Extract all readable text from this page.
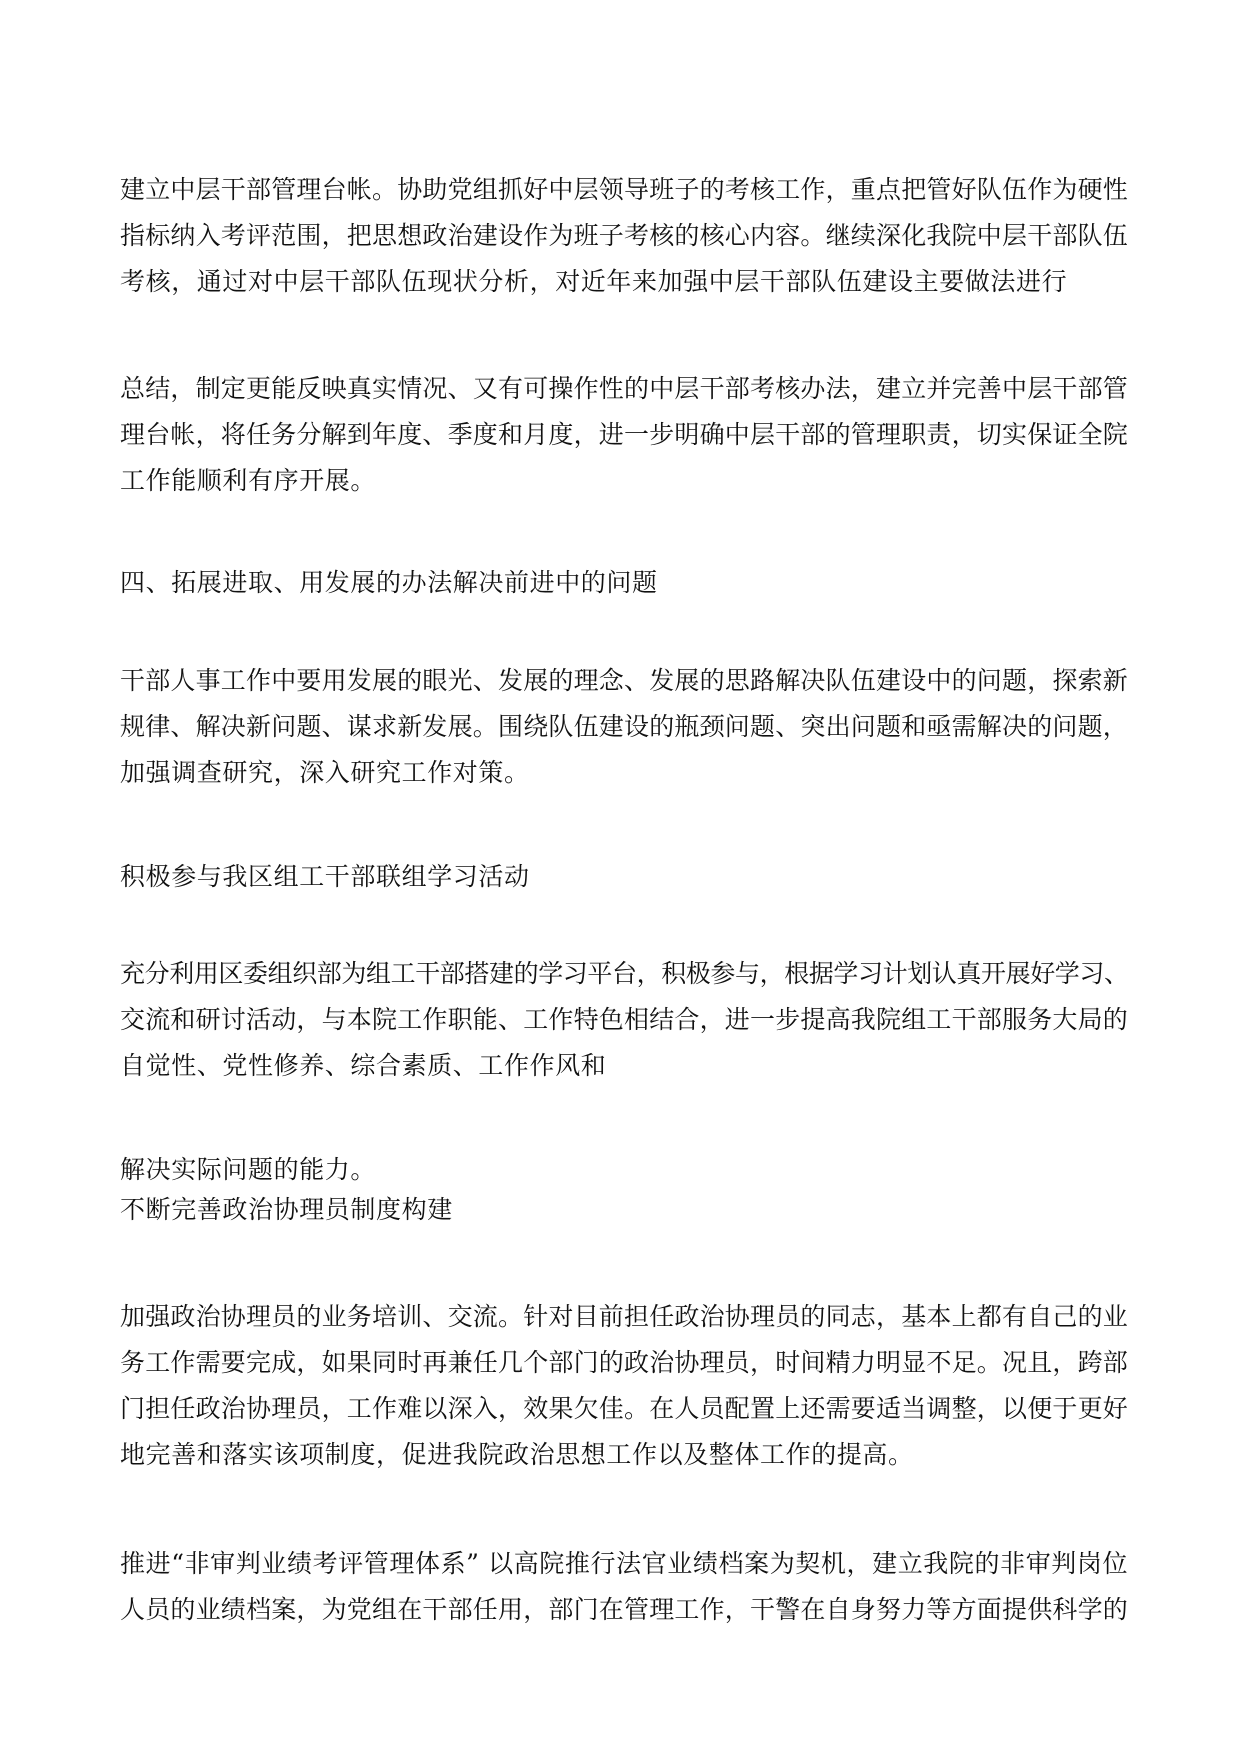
建立中层干部管理台帐。协助党组抓好中层领导班子的考核工作，重点把管好队伍作为硬性
指标纳入考评范围，把思想政治建设作为班子考核的核心内容。继续深化我院中层干部队伍
考核，通过对中层干部队伍现状分析，对近年来加强中层干部队伍建设主要做法进行
总结，制定更能反映真实情况、又有可操作性的中层干部考核办法，建立并完善中层干部管
理台帐，将任务分解到年度、季度和月度，进一步明确中层干部的管理职责，切实保证全院
工作能顺利有序开展。
四、拓展进取、用发展的办法解决前进中的问题
干部人事工作中要用发展的眼光、发展的理念、发展的思路解决队伍建设中的问题，探索新
规律、解决新问题、谋求新发展。围绕队伍建设的瓶颈问题、突出问题和亟需解决的问题，
加强调查研究，深入研究工作对策。
积极参与我区组工干部联组学习活动
充分利用区委组织部为组工干部搭建的学习平台，积极参与，根据学习计划认真开展好学习、
交流和研讨活动，与本院工作职能、工作特色相结合，进一步提高我院组工干部服务大局的
自觉性、党性修养、综合素质、工作作风和
解决实际问题的能力。
不断完善政治协理员制度构建
加强政治协理员的业务培训、交流。针对目前担任政治协理员的同志，基本上都有自己的业
务工作需要完成，如果同时再兼任几个部门的政治协理员，时间精力明显不足。况且，跨部
门担任政治协理员，工作难以深入，效果欠佳。在人员配置上还需要适当调整，以便于更好
地完善和落实该项制度，促进我院政治思想工作以及整体工作的提高。
推进“非审判业绩考评管理体系” 以高院推行法官业绩档案为契机，建立我院的非审判岗位
人员的业绩档案，为党组在干部任用，部门在管理工作，干警在自身努力等方面提供科学的
